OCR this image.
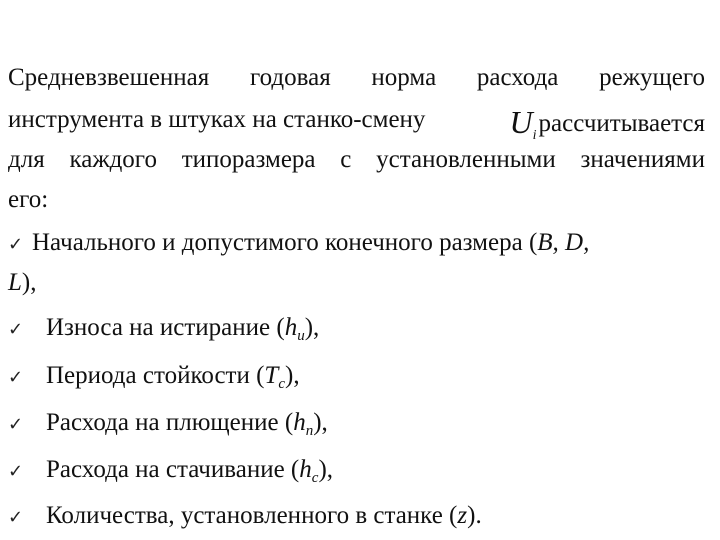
Средневзвешенная годовая норма расхода режущего
инструмента в штуках на станко-смену	$U_iрассчитывается$
для каждого типоразмера с установленными значениями
его:
✓ Начального и допустимого конечного размера (B, D,
L),
✓ Износа на истирание $(h_u)$,
✓ Периода стойкости $(T_c)$,
✓ Расхода на плющение $(h_n)$,
✓ Расхода на стачивание $(h_c)$,
✓ Количества, установленного в станке (z).
